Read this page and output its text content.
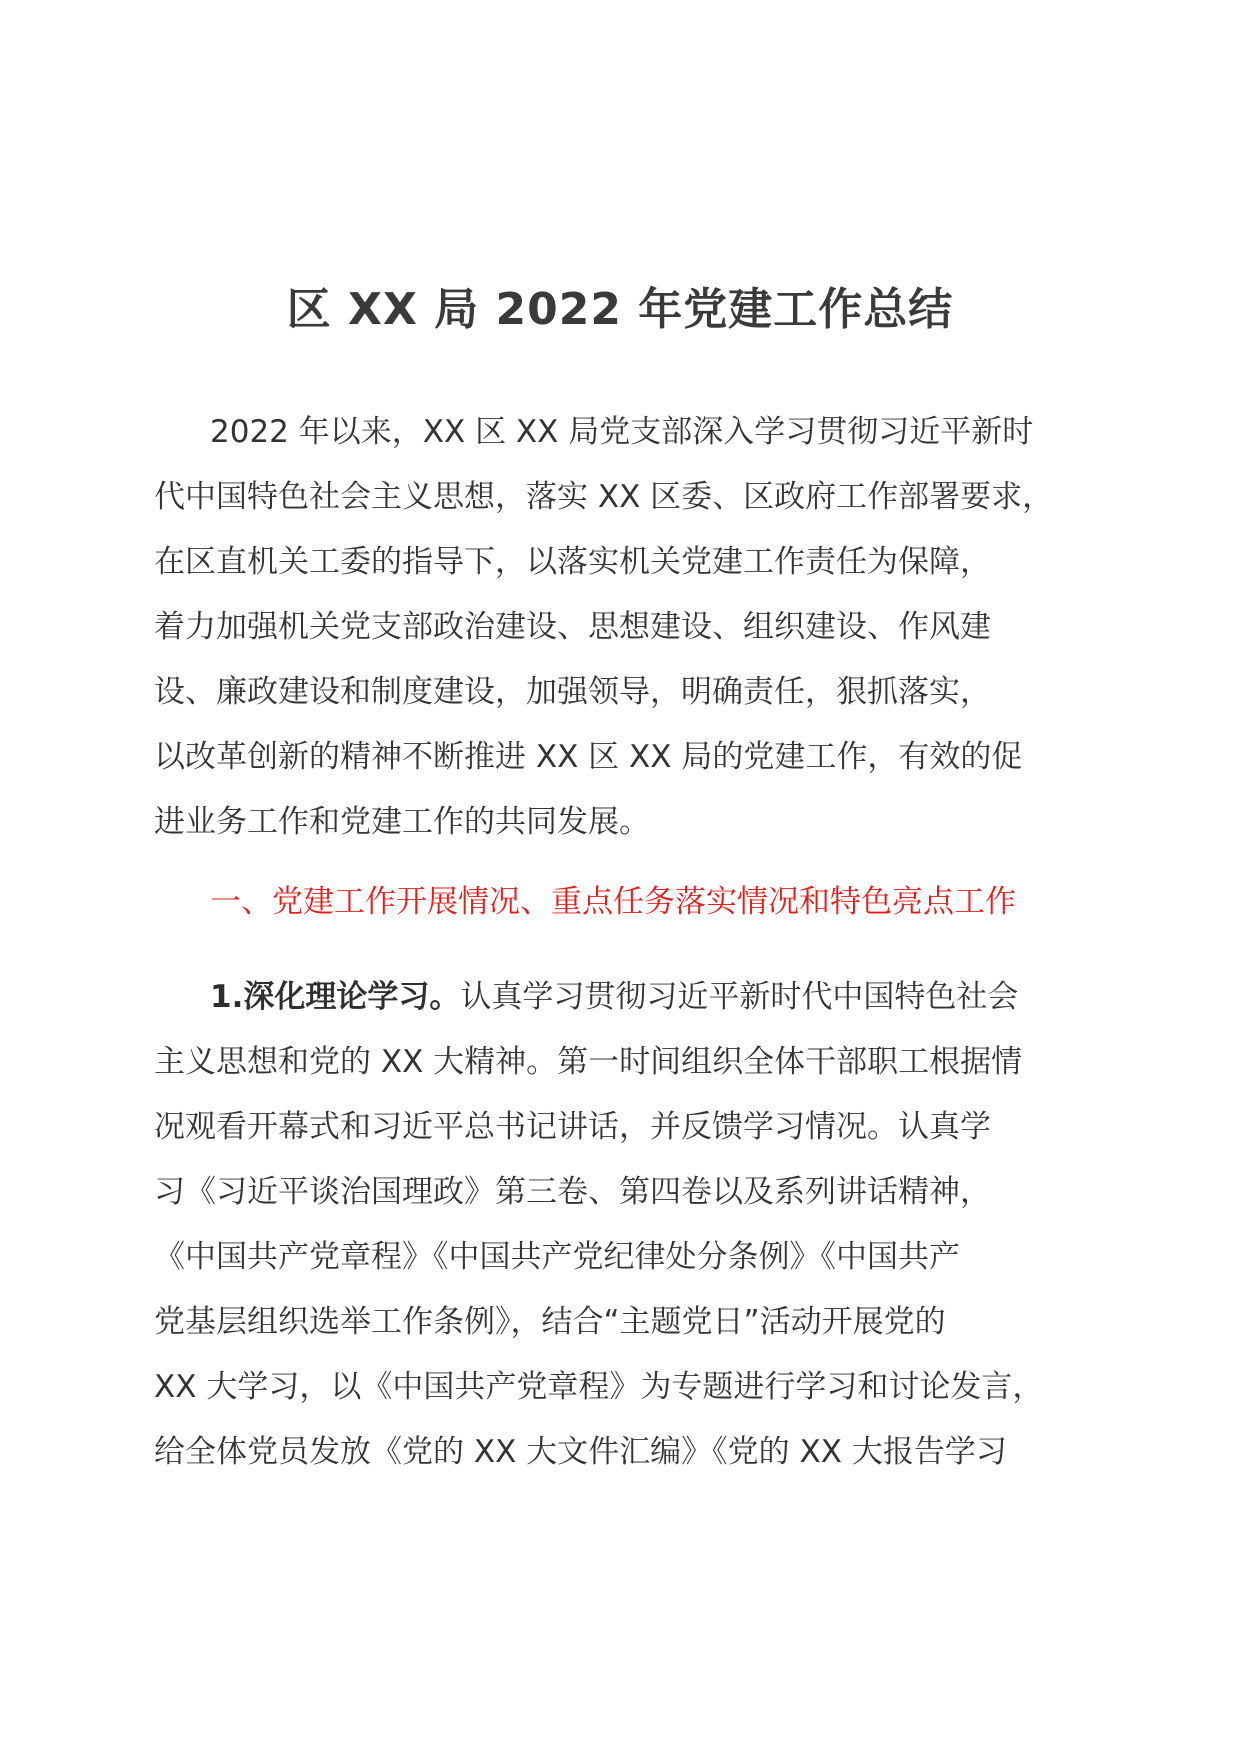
区 XX 局 2022 年党建工作总结
2022 年以来，XX 区 XX 局党支部深入学习贯彻习近平新时
代中国特色社会主义思想，落实 XX 区委、区政府工作部署要求，
在区直机关工委的指导下，以落实机关党建工作责任为保障，
着力加强机关党支部政治建设、思想建设、组织建设、作风建
设、廉政建设和制度建设，加强领导，明确责任，狠抓落实，
以改革创新的精神不断推进 XX 区 XX 局的党建工作，有效的促
进业务工作和党建工作的共同发展。
一、党建工作开展情况、重点任务落实情况和特色亮点工作
1.深化理论学习。认真学习贯彻习近平新时代中国特色社会
主义思想和党的 XX 大精神。第一时间组织全体干部职工根据情
况观看开幕式和习近平总书记讲话，并反馈学习情况。认真学
习《习近平谈治国理政》第三卷、第四卷以及系列讲话精神，
《中国共产党章程》《中国共产党纪律处分条例》《中国共产
党基层组织选举工作条例》，结合“主题党日”活动开展党的
XX 大学习，以《中国共产党章程》为专题进行学习和讨论发言，
给全体党员发放《党的 XX 大文件汇编》《党的 XX 大报告学习
